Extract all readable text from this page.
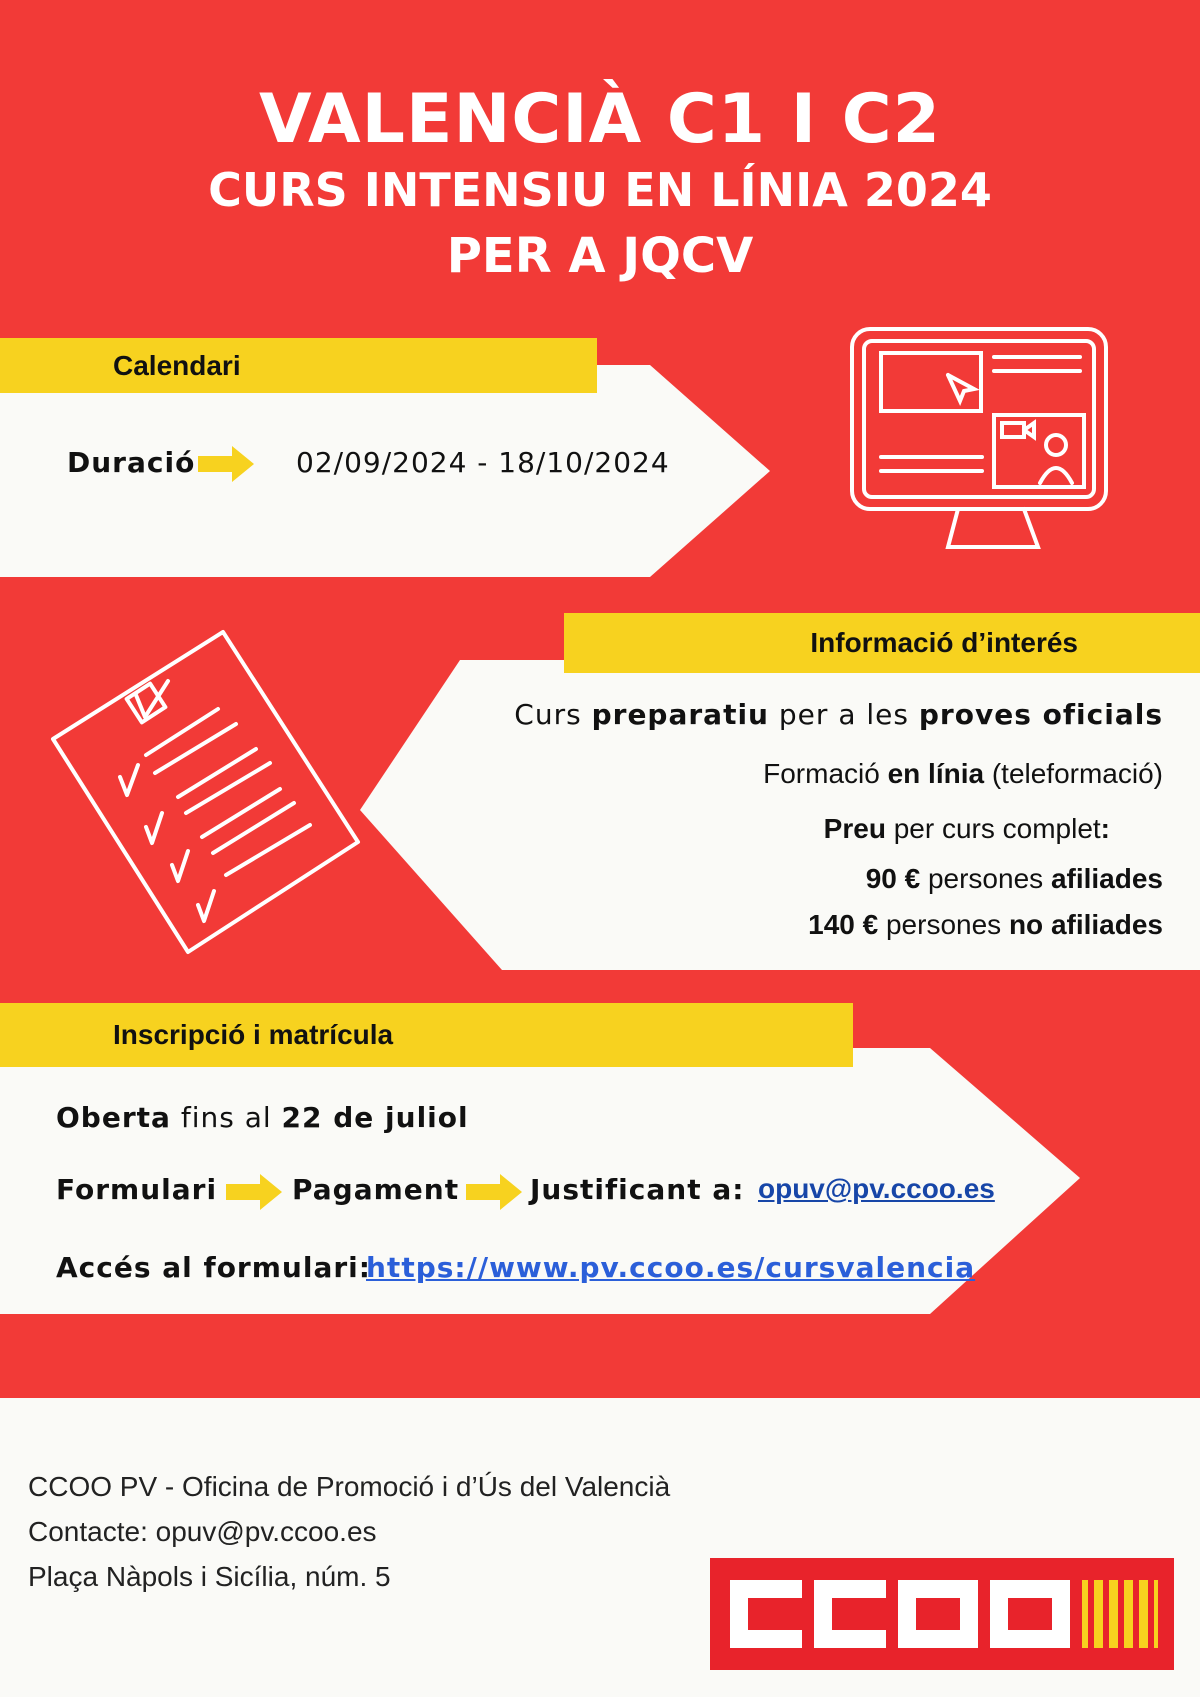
VALENCIÀ C1 I C2
CURS INTENSIU EN LÍNIA 2024
PER A JQCV
Calendari
Duració	02/09/2024 - 18/10/2024
Informació d’interés
Curs preparatiu per a les proves oficials
Formació en línia (teleformació)
Preu per curs complet:
90 € persones afiliades
140 € persones no afiliades
Inscripció i matrícula
Oberta fins al 22 de juliol
Formulari	Pagament	Justificant a: opuv@pv.ccoo.es
Accés al formulari:
https://www.pv.ccoo.es/cursvalencia
CCOO PV - Oficina de Promoció i d’Ús del Valencià
Contacte: opuv@pv.ccoo.es
Plaça Nàpols i Sicília, núm. 5
